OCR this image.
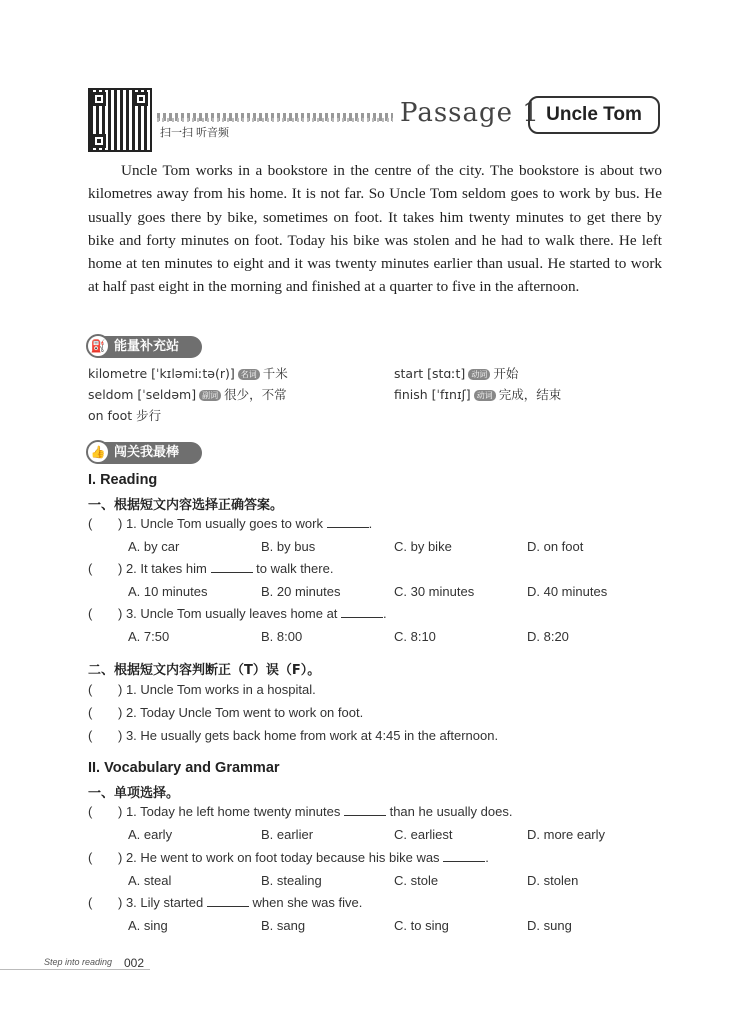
扫一扫 听音频
Passage 1 Uncle Tom
Uncle Tom works in a bookstore in the centre of the city. The bookstore is about two kilometres away from his home. It is not far. So Uncle Tom seldom goes to work by bus. He usually goes there by bike, sometimes on foot. It takes him twenty minutes to get there by bike and forty minutes on foot. Today his bike was stolen and he had to walk there. He left home at ten minutes to eight and it was twenty minutes earlier than usual. He started to work at half past eight in the morning and finished at a quarter to five in the afternoon.
⛽ 能量补充站
kilometre [ˈkɪləmiːtə(r)] 名词 千米	start [stɑːt] 动词 开始
seldom [ˈseldəm] 副词 很少，不常	finish [ˈfɪnɪʃ] 动词 完成，结束
on foot 步行
👍 闯关我最棒
I. Reading
一、根据短文内容选择正确答案。
( ) 1. Uncle Tom usually goes to work	.
A. by car	B. by bus	C. by bike	D. on foot
( ) 2. It takes him	to walk there.
A. 10 minutes	B. 20 minutes	C. 30 minutes	D. 40 minutes
( ) 3. Uncle Tom usually leaves home at	.
A. 7:50	B. 8:00	C. 8:10	D. 8:20
二、根据短文内容判断正（T）误（F）。
( ) 1. Uncle Tom works in a hospital.
( ) 2. Today Uncle Tom went to work on foot.
( ) 3. He usually gets back home from work at 4:45 in the afternoon.
II. Vocabulary and Grammar
一、单项选择。
( ) 1. Today he left home twenty minutes	than he usually does.
A. early	B. earlier	C. earliest	D. more early
( ) 2. He went to work on foot today because his bike was	.
A. steal	B. stealing	C. stole	D. stolen
( ) 3. Lily started	when she was five.
A. sing	B. sang	C. to sing	D. sung
Step into reading 002
